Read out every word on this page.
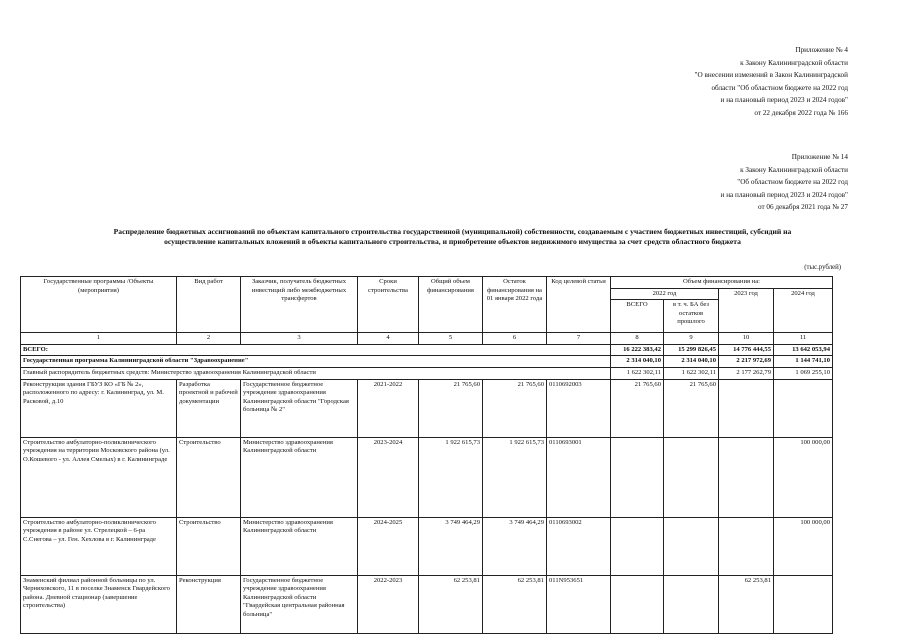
Приложение № 4
к Закону Калининградской области
"О внесении изменений в Закон Калининградской
области "Об областном бюджете на 2022 год
и на плановый период 2023 и 2024 годов"
от 22 декабря 2022 года № 166
Приложение № 14
к Закону Калининградской области
"Об областном бюджете на 2022 год
и на плановый период 2023 и 2024 годов"
от 06 декабря 2021 года № 27
Распределение бюджетных ассигнований по объектам капитального строительства государственной (муниципальной) собственности, создаваемым с участием бюджетных инвестиций, субсидий на
осуществление капитальных вложений в объекты капитального строительства, и приобретение объектов недвижимого имущества за счет средств областного бюджета
(тыс.рублей)
Государственные программы /Объекты (мероприятия)	Вид работ	Заказчик, получатель бюджетных инвестиций либо межбюджетных трансфертов	Сроки строительства	Общий объем финансирования	Остаток финансирования на 01 января 2022 года	Код целевой статьи	Объем финансирования на:			
							2022 год		2023 год	2024 год
							ВСЕГО	в т. ч. БА без остатков прошлого		
1	2	3	4	5	6	7	8	9	10	11
ВСЕГО:							16 222 383,42	15 299 826,45	14 776 444,55	13 642 053,94
Государственная программа Калининградской области "Здравоохранение"							2 314 040,10	2 314 040,10	2 217 972,69	1 144 741,10
Главный распорядитель бюджетных средств: Министерство здравоохранения Калининградской области							1 622 302,11	1 622 302,11	2 177 262,79	1 069 255,10
Реконструкция здания ГБУЗ КО «ГБ № 2», расположенного по адресу: г. Калининград, ул. М. Расковой, д.10	Разработка проектной и рабочей документации	Государственное бюджетное учреждение здравоохранения Калининградской области "Городская больница № 2"	2021-2022	21 765,60	21 765,60	0110692003	21 765,60	21 765,60		
Строительство амбулаторно-поликлинического учреждения на территории Московского района (ул. О.Кошевого - ул. Аллея Смелых) в г. Калининграде	Строительство	Министерство здравоохранения Калининградской области	2023-2024	1 922 615,73	1 922 615,73	0110693001				100 000,00
Строительство амбулаторно-поликлинического учреждения в районе ул. Стрелецкой – 6-ра С.Снегова – ул. Ген. Хехлова в г. Калининграде	Строительство	Министерство здравоохранения Калининградской области	2024-2025	3 749 464,29	3 749 464,29	0110693002				100 000,00
Знаменский филиал районной больницы по ул. Черняховского, 11 в поселке Знаменск Гвардейского района. Дневной стационар (завершение строительства)	Реконструкция	Государственное бюджетное учреждение здравоохранения Калининградской области "Гвардейская центральная районная больница"	2022-2023	62 253,81	62 253,81	011N953651			62 253,81	
